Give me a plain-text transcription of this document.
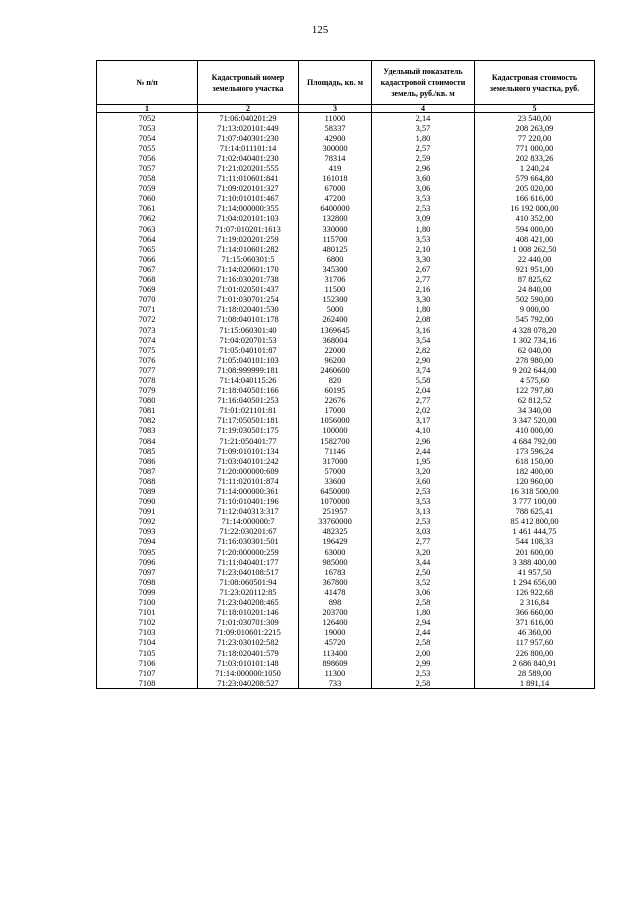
125
№ п/п	Кадастровый номер земельного участка	Площадь, кв. м	Удельный показатель кадастровой стоимости земель, руб./кв. м	Кадастровая стоимость земельного участка, руб.
1	2	3	4	5
7052	71:06:040201:29	11000	2,14	23 540,00
7053	71:13:020101:449	58337	3,57	208 263,09
7054	71:07:040301:230	42900	1,80	77 220,00
7055	71:14:011101:14	300000	2,57	771 000,00
7056	71:02:040401:230	78314	2,59	202 833,26
7057	71:21:020201:555	419	2,96	1 240,24
7058	71:11:010601:841	161018	3,60	579 664,80
7059	71:09:020101:327	67000	3,06	205 020,00
7060	71:10:010101:467	47200	3,53	166 616,00
7061	71:14:000000:355	6400000	2,53	16 192 000,00
7062	71:04:020101:103	132800	3,09	410 352,00
7063	71:07:010201:1613	330000	1,80	594 000,00
7064	71:19:020201:259	115700	3,53	408 421,00
7065	71:14:010601:282	480125	2,10	1 008 262,50
7066	71:15:060301:5	6800	3,30	22 440,00
7067	71:14:020601:170	345300	2,67	921 951,00
7068	71:16:030201:738	31706	2,77	87 825,62
7069	71:01:020501:437	11500	2,16	24 840,00
7070	71:01:030701:254	152300	3,30	502 590,00
7071	71:18:020401:530	5000	1,80	9 000,00
7072	71:08:040101:178	262400	2,08	545 792,00
7073	71:15:060301:40	1369645	3,16	4 328 078,20
7074	71:04:020701:53	368004	3,54	1 302 734,16
7075	71:05:040101:87	22000	2,82	62 040,00
7076	71:05:040101:103	96200	2,90	278 980,00
7077	71:08:999999:181	2460600	3,74	9 202 644,00
7078	71:14:040115:26	820	5,58	4 575,60
7079	71:18:040501:166	60195	2,04	122 797,80
7080	71:16:040501:253	22676	2,77	62 812,52
7081	71:01:021101:81	17000	2,02	34 340,00
7082	71:17:050501:181	1056000	3,17	3 347 520,00
7083	71:19:030501:175	100000	4,10	410 000,00
7084	71:21:050401:77	1582700	2,96	4 684 792,00
7085	71:09:010101:134	71146	2,44	173 596,24
7086	71:03:040101:242	317000	1,95	618 150,00
7087	71:20:000000:609	57000	3,20	182 400,00
7088	71:11:020101:874	33600	3,60	120 960,00
7089	71:14:000000:361	6450000	2,53	16 318 500,00
7090	71:10:010401:196	1070000	3,53	3 777 100,00
7091	71:12:040313:317	251957	3,13	788 625,41
7092	71:14:000000:7	33760000	2,53	85 412 800,00
7093	71:22:030201:67	482325	3,03	1 461 444,75
7094	71:16:030301:501	196429	2,77	544 108,33
7095	71:20:000000:259	63000	3,20	201 600,00
7096	71:11:040401:177	985000	3,44	3 388 400,00
7097	71:23:040108:517	16783	2,50	41 957,50
7098	71:08:060501:94	367800	3,52	1 294 656,00
7099	71:23:020112:85	41478	3,06	126 922,68
7100	71:23:040208:465	898	2,58	2 316,84
7101	71:18:010201:146	203700	1,80	366 660,00
7102	71:01:030701:309	126400	2,94	371 616,00
7103	71:09:010601:2215	19000	2,44	46 360,00
7104	71:23:030102:582	45720	2,58	117 957,60
7105	71:18:020401:579	113400	2,00	226 800,00
7106	71:03:010101:148	898609	2,99	2 686 840,91
7107	71:14:000000:1050	11300	2,53	28 589,00
7108	71:23:040208:527	733	2,58	1 891,14
